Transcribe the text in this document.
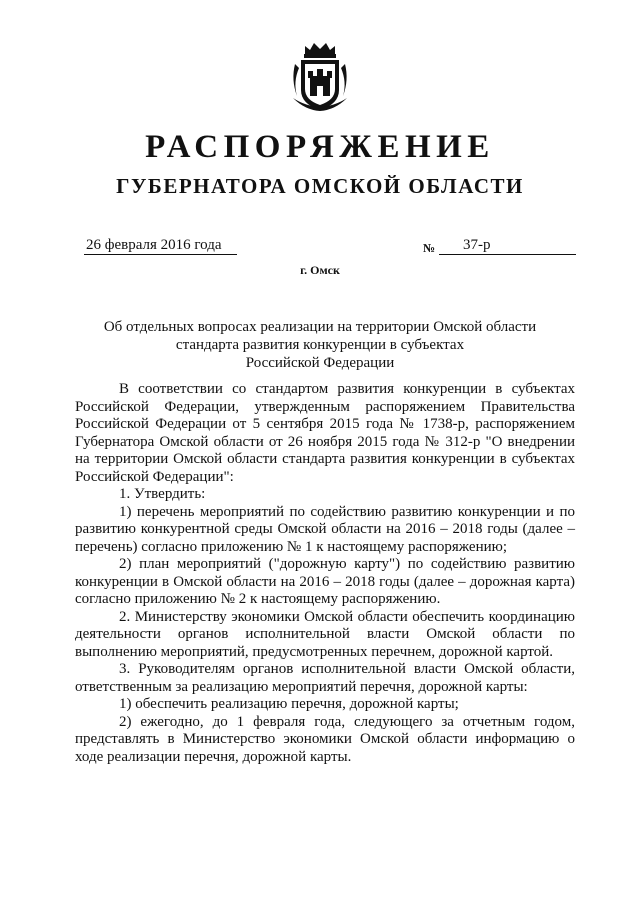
РАСПОРЯЖЕНИЕ
ГУБЕРНАТОРА ОМСКОЙ ОБЛАСТИ
26 февраля 2016 года	№	37-р
г. Омск
Об отдельных вопросах реализации на территории Омской области
стандарта развития конкуренции в субъектах
Российской Федерации

В соответствии со стандартом развития конкуренции в субъектах Российской Федерации, утвержденным распоряжением Правительства Российской Федерации от 5 сентября 2015 года № 1738-р, распоряжением Губернатора Омской области от 26 ноября 2015 года № 312-р "О внедрении на территории Омской области стандарта развития конкуренции в субъектах Российской Федерации":

1. Утвердить:

1) перечень мероприятий по содействию развитию конкуренции и по развитию конкурентной среды Омской области на 2016 – 2018 годы (далее – перечень) согласно приложению № 1 к настоящему распоряжению;

2) план мероприятий ("дорожную карту") по содействию развитию конкуренции в Омской области на 2016 – 2018 годы (далее – дорожная карта) согласно приложению № 2 к настоящему распоряжению.

2. Министерству экономики Омской области обеспечить координацию деятельности органов исполнительной власти Омской области по выполнению мероприятий, предусмотренных перечнем, дорожной картой.

3. Руководителям органов исполнительной власти Омской области, ответственным за реализацию мероприятий перечня, дорожной карты:

1) обеспечить реализацию перечня, дорожной карты;

2) ежегодно, до 1 февраля года, следующего за отчетным годом, представлять в Министерство экономики Омской области информацию о ходе реализации перечня, дорожной карты.
